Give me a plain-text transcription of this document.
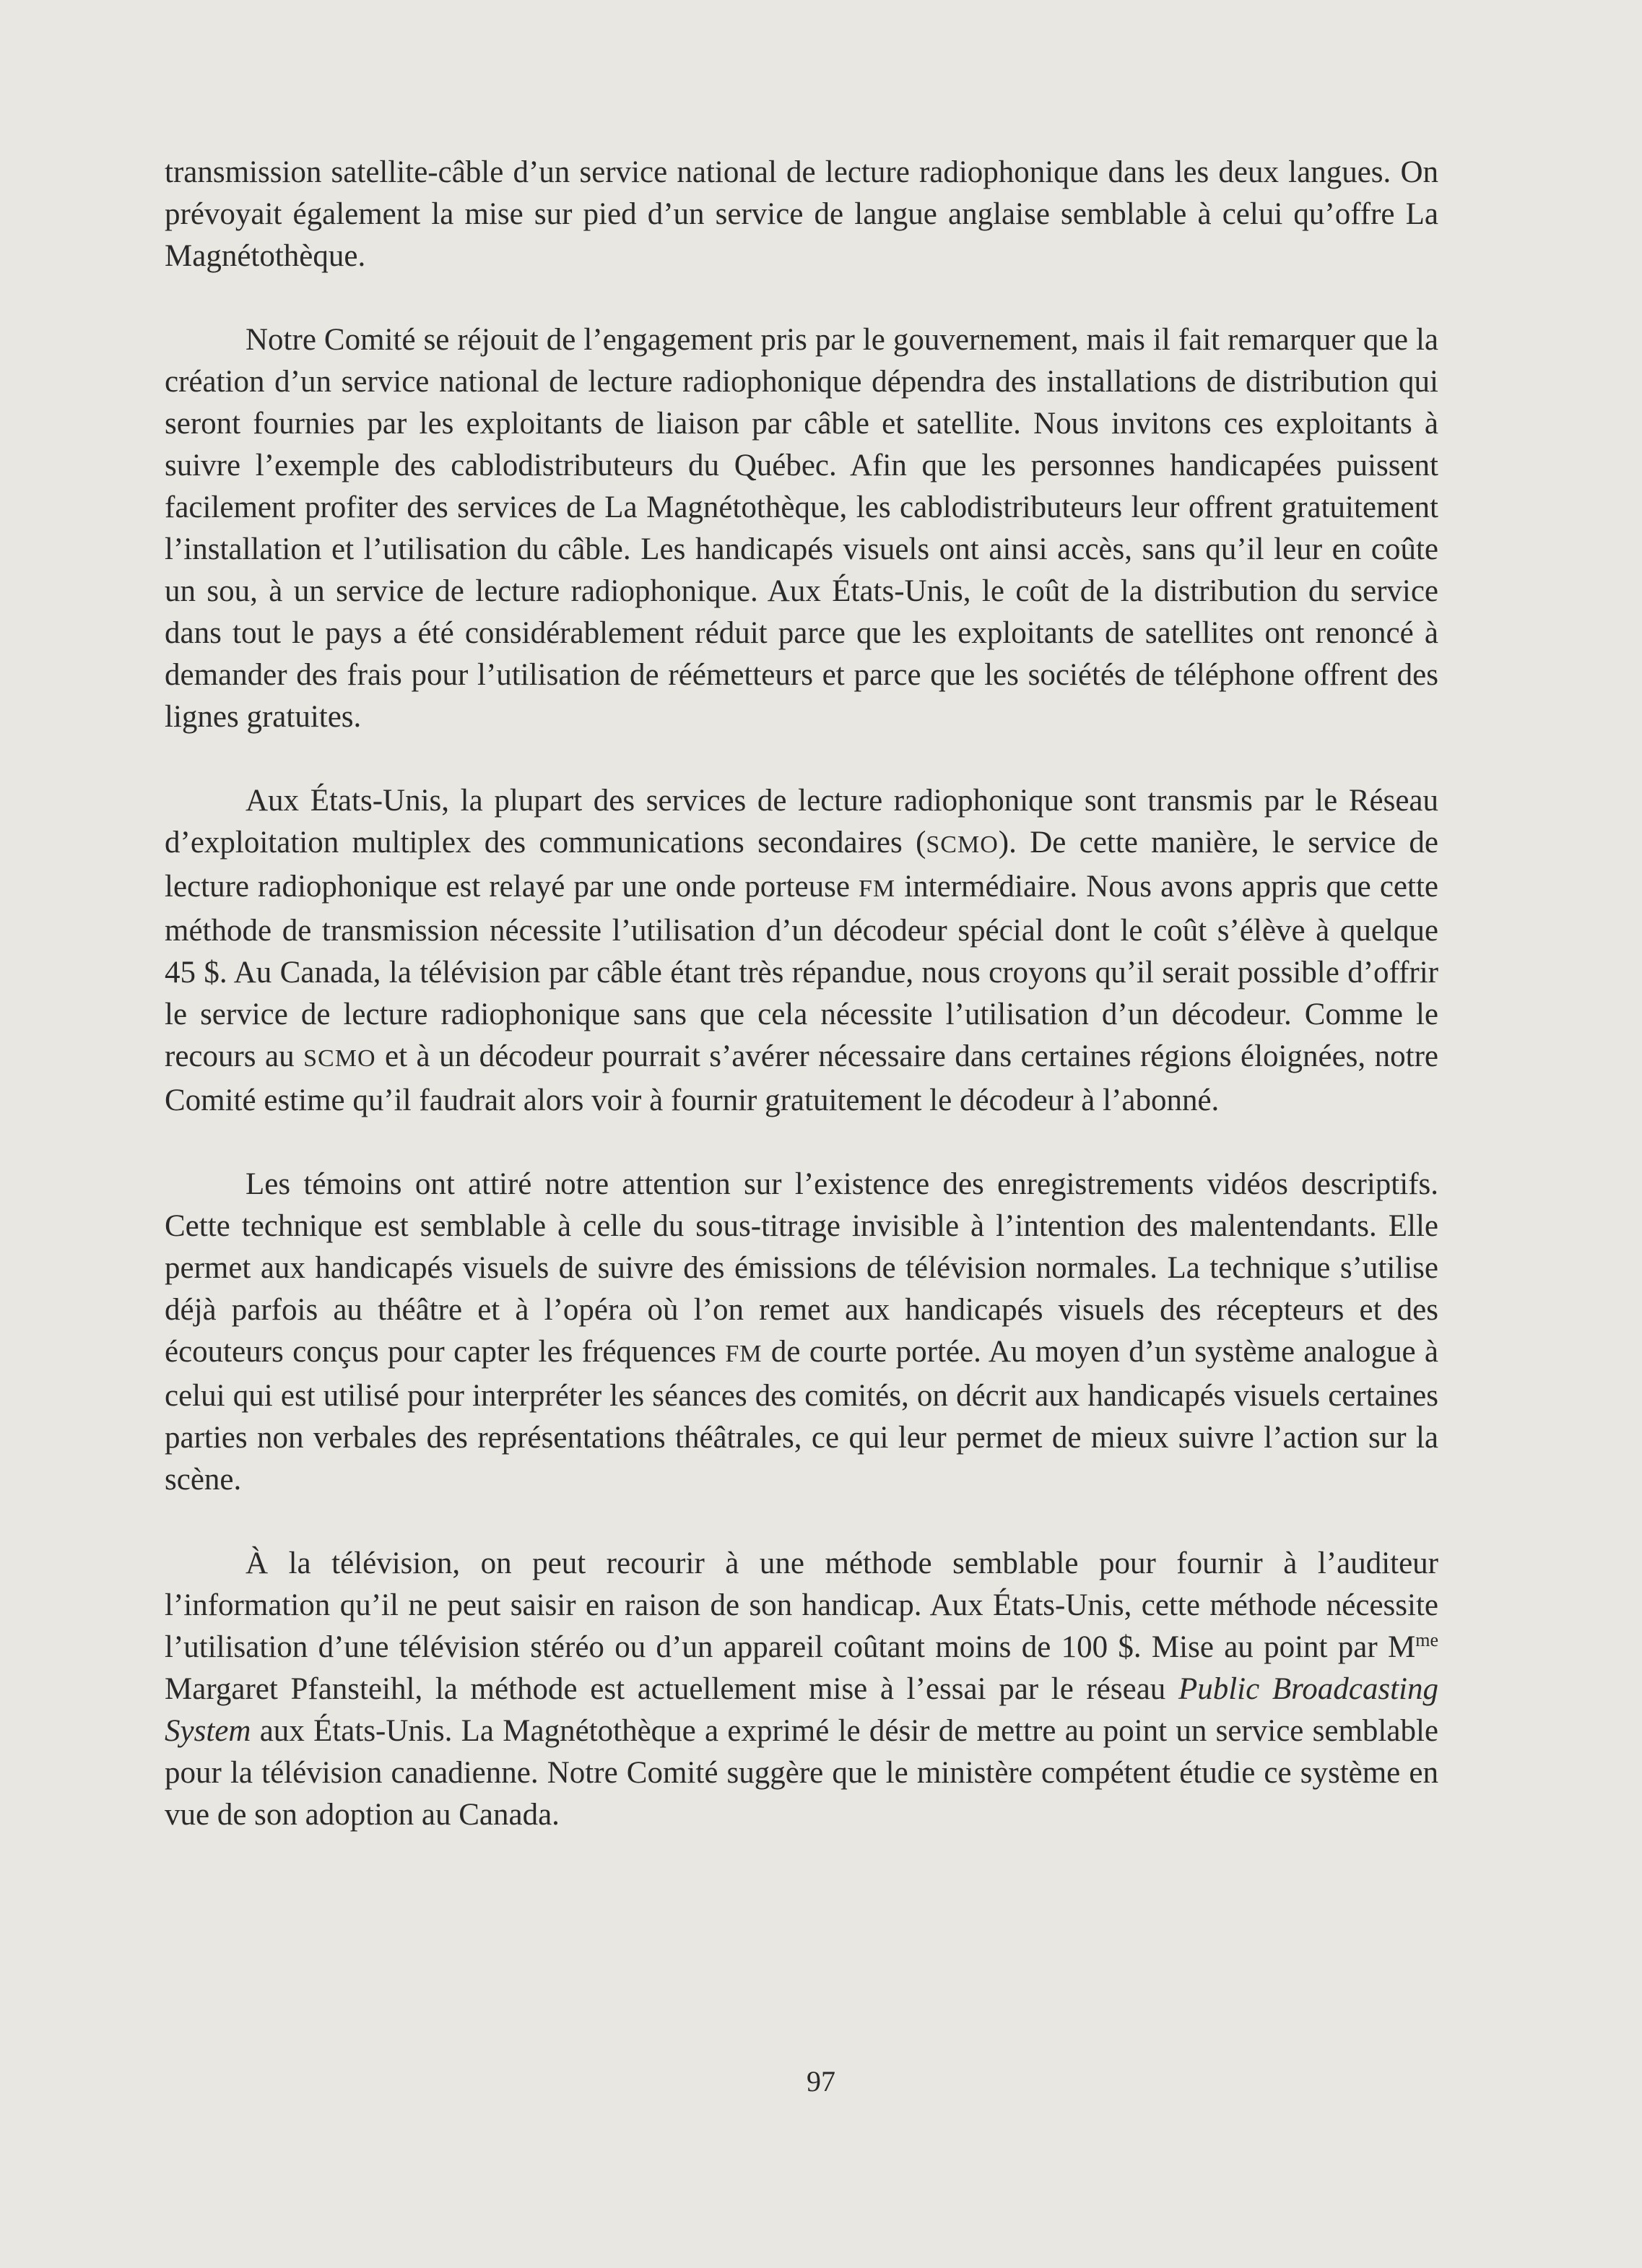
transmission satellite-câble d’un service national de lecture radiophonique dans les deux langues. On prévoyait également la mise sur pied d’un service de langue anglaise semblable à celui qu’offre La Magnétothèque.

Notre Comité se réjouit de l’engagement pris par le gouvernement, mais il fait remarquer que la création d’un service national de lecture radiophonique dépendra des installations de distribution qui seront fournies par les exploitants de liaison par câble et satellite. Nous invitons ces exploitants à suivre l’exemple des cablodistributeurs du Québec. Afin que les personnes handicapées puissent facilement profiter des services de La Magnétothèque, les cablodistributeurs leur offrent gratuitement l’installation et l’utilisation du câble. Les handicapés visuels ont ainsi accès, sans qu’il leur en coûte un sou, à un service de lecture radiophonique. Aux États-Unis, le coût de la distribution du service dans tout le pays a été considérablement réduit parce que les exploitants de satellites ont renoncé à demander des frais pour l’utilisation de réémetteurs et parce que les sociétés de téléphone offrent des lignes gratuites.

Aux États-Unis, la plupart des services de lecture radiophonique sont transmis par le Réseau d’exploitation multiplex des communications secondaires (SCMO). De cette manière, le service de lecture radiophonique est relayé par une onde porteuse FM intermédiaire. Nous avons appris que cette méthode de transmission nécessite l’utilisation d’un décodeur spécial dont le coût s’élève à quelque 45 $. Au Canada, la télévision par câble étant très répandue, nous croyons qu’il serait possible d’offrir le service de lecture radiophonique sans que cela nécessite l’utilisation d’un décodeur. Comme le recours au SCMO et à un décodeur pourrait s’avérer nécessaire dans certaines régions éloignées, notre Comité estime qu’il faudrait alors voir à fournir gratuitement le décodeur à l’abonné.

Les témoins ont attiré notre attention sur l’existence des enregistrements vidéos descriptifs. Cette technique est semblable à celle du sous-titrage invisible à l’intention des malentendants. Elle permet aux handicapés visuels de suivre des émissions de télévision normales. La technique s’utilise déjà parfois au théâtre et à l’opéra où l’on remet aux handicapés visuels des récepteurs et des écouteurs conçus pour capter les fréquences FM de courte portée. Au moyen d’un système analogue à celui qui est utilisé pour interpréter les séances des comités, on décrit aux handicapés visuels certaines parties non verbales des représentations théâtrales, ce qui leur permet de mieux suivre l’action sur la scène.

À la télévision, on peut recourir à une méthode semblable pour fournir à l’auditeur l’information qu’il ne peut saisir en raison de son handicap. Aux États-Unis, cette méthode nécessite l’utilisation d’une télévision stéréo ou d’un appareil coûtant moins de 100 $. Mise au point par $M^{me}$ Margaret Pfansteihl, la méthode est actuellement mise à l’essai par le réseau Public Broadcasting System aux États-Unis. La Magnétothèque a exprimé le désir de mettre au point un service semblable pour la télévision canadienne. Notre Comité suggère que le ministère compétent étudie ce système en vue de son adoption au Canada.

97
